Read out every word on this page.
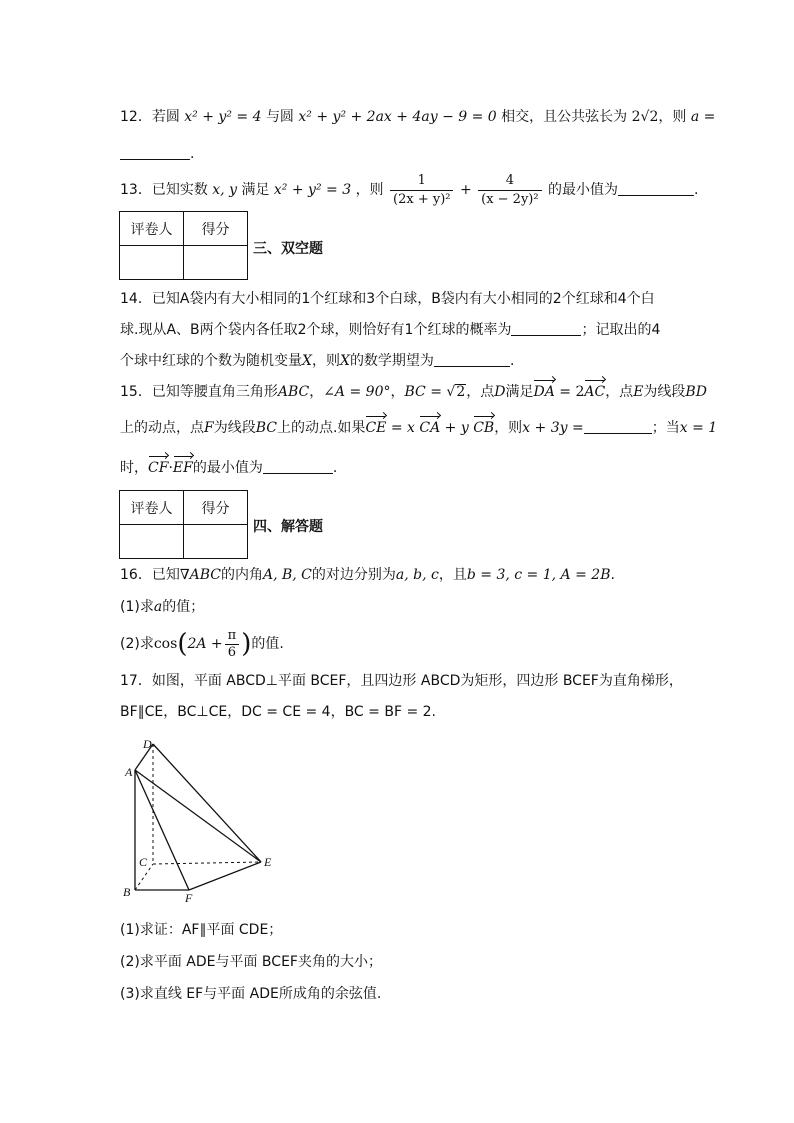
12．若圆 x² + y² = 4 与圆 x² + y² + 2ax + 4ay − 9 = 0 相交，且公共弦长为 2√2，则 a =
.
13．已知实数 x, y 满足 x² + y² = 3 ，则 $\frac{1}{\text{(2x + y)²}} + \frac{4}{\text{(x − 2y)²}}$ 的最小值为	.
评卷人	得分

三、双空题
14．已知A袋内有大小相同的1个红球和3个白球，B袋内有大小相同的2个红球和4个白
球.现从A、B两个袋内各任取2个球，则恰好有1个红球的概率为	；记取出的4
个球中红球的个数为随机变量X，则X的数学期望为	.
15．已知等腰直角三角形ABC，∠A = 90°，BC = √2，点D满足DA = 2AC，点E为线段BD
上的动点，点F为线段BC上的动点.如果CE = x CA + y CB，则x + 3y =	；当x = 1
时，CF·EF的最小值为	.
评卷人	得分

四、解答题
16．已知∇ABC的内角A, B, C的对边分别为a, b, c，且b = 3, c = 1, A = 2B.
(1)求a的值；
(2)求$\cos(2A + \frac{\pi}{6}$ )的值.
17．如图，平面 ABCD⊥平面 BCEF，且四边形 ABCD为矩形，四边形 BCEF为直角梯形，
BF∥CE，BC⊥CE，DC = CE = 4，BC = BF = 2.
D
A
C	E
B	F
(1)求证：AF∥平面 CDE；
(2)求平面 ADE与平面 BCEF夹角的大小；
(3)求直线 EF与平面 ADE所成角的余弦值.
